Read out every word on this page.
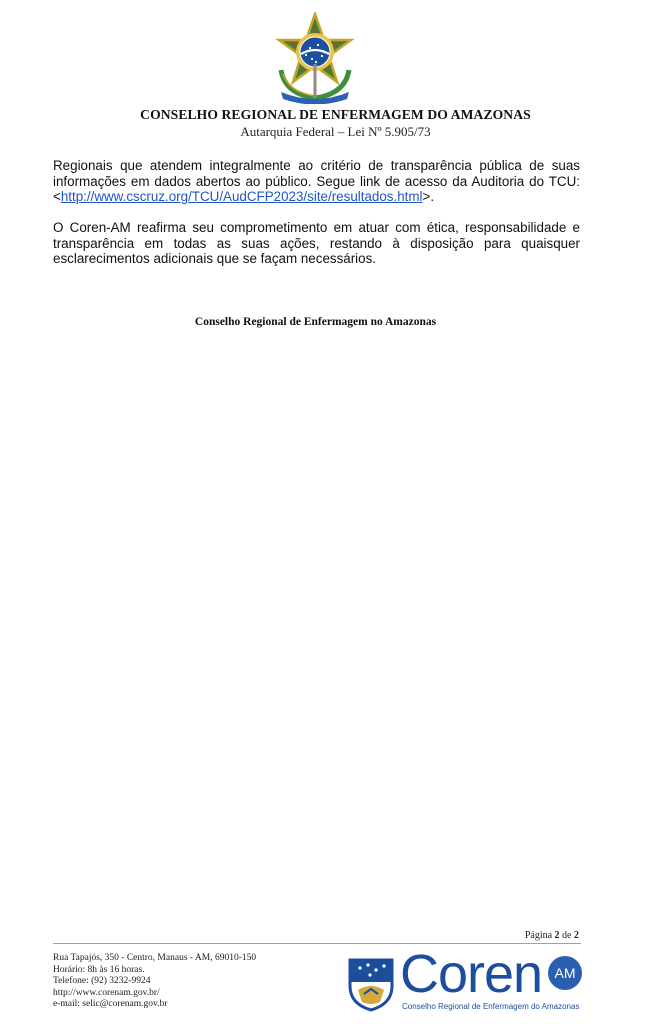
CONSELHO REGIONAL DE ENFERMAGEM DO AMAZONAS
Autarquia Federal – Lei Nº 5.905/73
Regionais que atendem integralmente ao critério de transparência pública de suas
informações em dados abertos ao público. Segue link de acesso da Auditoria do TCU:
<http://www.cscruz.org/TCU/AudCFP2023/site/resultados.html>.
O Coren-AM reafirma seu comprometimento em atuar com ética, responsabilidade e
transparência em todas as suas ações, restando à disposição para quaisquer
esclarecimentos adicionais que se façam necessários.
Conselho Regional de Enfermagem no Amazonas
Página 2 de 2
Rua Tapajós, 350 - Centro, Manaus - AM, 69010-150
Horário: 8h às 16 horas.
Telefone: (92) 3232-9924
http://www.corenam.gov.br/
e-mail: selic@corenam.gov.br
Coren AM
Conselho Regional de Enfermagem do Amazonas
